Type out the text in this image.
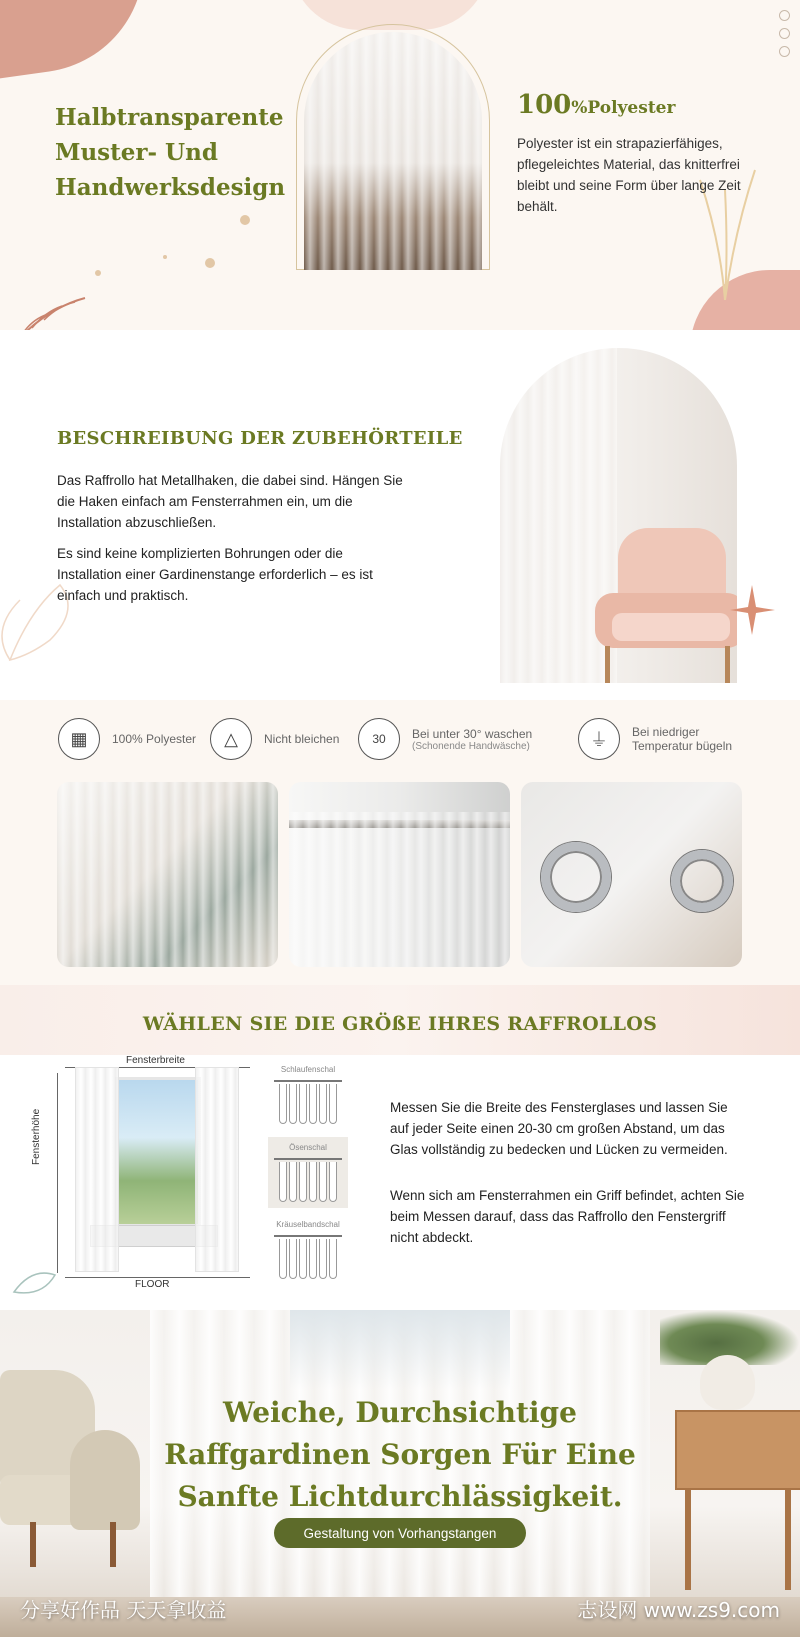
Halbtransparente Muster- Und Handwerksdesign
100%Polyester
Polyester ist ein strapazierfähiges, pflegeleichtes Material, das knitterfrei bleibt und seine Form über lange Zeit behält.
BESCHREIBUNG DER ZUBEHÖRTEILE
Das Raffrollo hat Metallhaken, die dabei sind. Hängen Sie die Haken einfach am Fensterrahmen ein, um die Installation abzuschließen.
Es sind keine komplizierten Bohrungen oder die Installation einer Gardinenstange erforderlich – es ist einfach und praktisch.
▦	100% Polyester	△	Nicht bleichen	30 Bei unter 30° waschen
(Schonende Handwäsche)	⏚	Bei niedriger Temperatur bügeln
WÄHLEN SIE DIE GRÖßE IHRES RAFFROLLOS
Fensterbreite
Fensterhöhe
FLOOR
Schlaufenschal
Ösenschal
Kräuselbandschal
Messen Sie die Breite des Fensterglases und lassen Sie auf jeder Seite einen 20-30 cm großen Abstand, um das Glas vollständig zu bedecken und Lücken zu vermeiden.
Wenn sich am Fensterrahmen ein Griff befindet, achten Sie beim Messen darauf, dass das Raffrollo den Fenstergriff nicht abdeckt.
Weiche, Durchsichtige Raffgardinen Sorgen Für Eine Sanfte Lichtdurchlässigkeit.
Gestaltung von Vorhangstangen
分享好作品 天天拿收益	志设网 www.zs9.com
